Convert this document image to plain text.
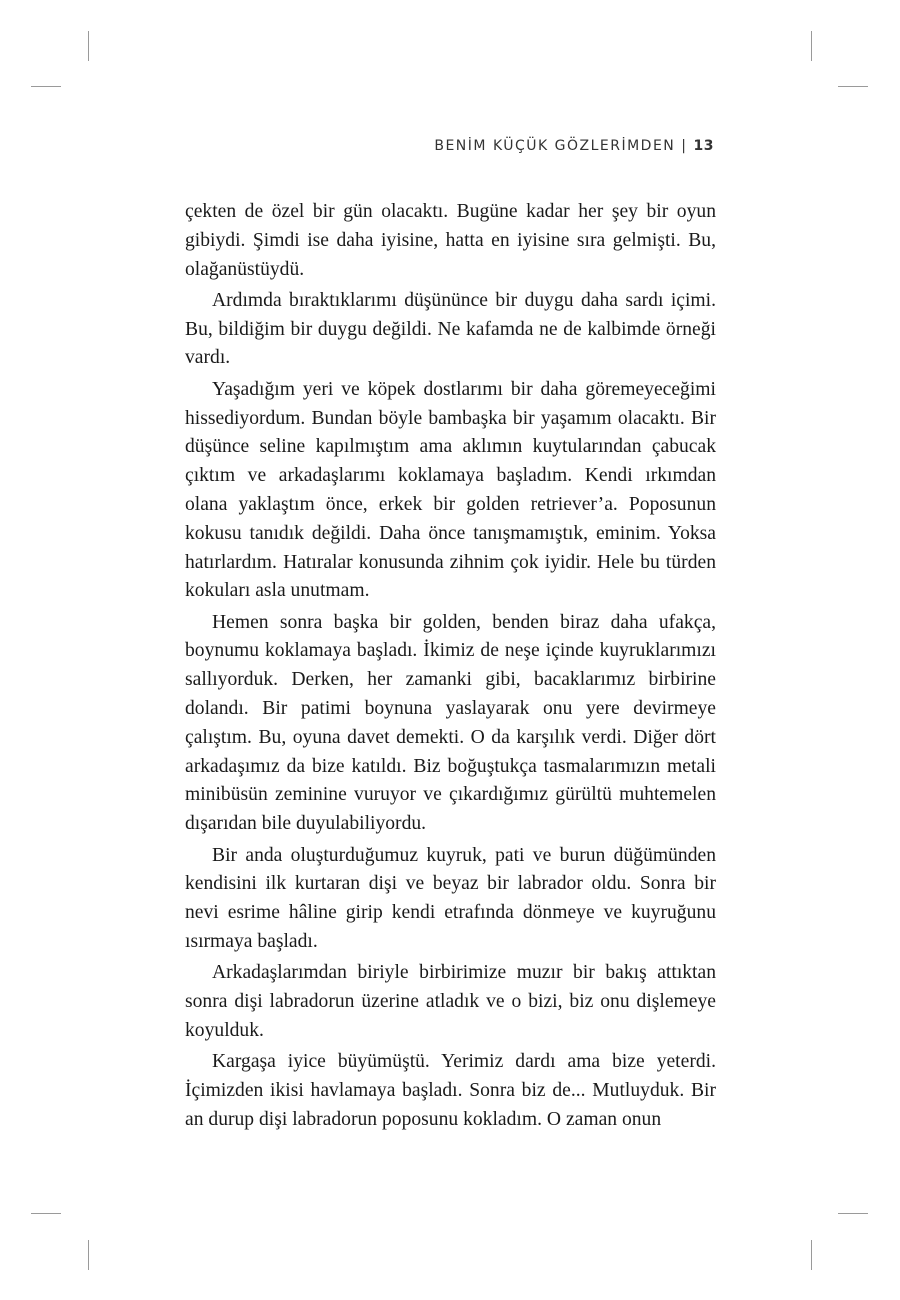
BENİM KÜÇÜK GÖZLERİMDEN | 13

çekten de özel bir gün olacaktı. Bugüne kadar her şey bir oyun gibiydi. Şimdi ise daha iyisine, hatta en iyisine sıra gelmişti. Bu, olağanüstüydü.

Ardımda bıraktıklarımı düşününce bir duygu daha sardı içimi. Bu, bildiğim bir duygu değildi. Ne kafamda ne de kalbimde örneği vardı.

Yaşadığım yeri ve köpek dostlarımı bir daha göremeyeceğimi hissediyordum. Bundan böyle bambaşka bir yaşamım olacaktı. Bir düşünce seline kapılmıştım ama aklımın kuytularından çabucak çıktım ve arkadaşlarımı koklamaya başladım. Kendi ırkımdan olana yaklaştım önce, erkek bir golden retriever’a. Poposunun kokusu tanıdık değildi. Daha önce tanışmamıştık, eminim. Yoksa hatırlardım. Hatıralar konusunda zihnim çok iyidir. Hele bu türden kokuları asla unutmam.

Hemen sonra başka bir golden, benden biraz daha ufakça, boynumu koklamaya başladı. İkimiz de neşe içinde kuyruklarımızı sallıyorduk. Derken, her zamanki gibi, bacaklarımız birbirine dolandı. Bir patimi boynuna yaslayarak onu yere devirmeye çalıştım. Bu, oyuna davet demekti. O da karşılık verdi. Diğer dört arkadaşımız da bize katıldı. Biz boğuştukça tasmalarımızın metali minibüsün zeminine vuruyor ve çıkardığımız gürültü muhtemelen dışarıdan bile duyulabiliyordu.

Bir anda oluşturduğumuz kuyruk, pati ve burun düğümünden kendisini ilk kurtaran dişi ve beyaz bir labrador oldu. Sonra bir nevi esrime hâline girip kendi etrafında dönmeye ve kuyruğunu ısırmaya başladı.

Arkadaşlarımdan biriyle birbirimize muzır bir bakış attıktan sonra dişi labradorun üzerine atladık ve o bizi, biz onu dişlemeye koyulduk.

Kargaşa iyice büyümüştü. Yerimiz dardı ama bize yeterdi. İçimizden ikisi havlamaya başladı. Sonra biz de... Mutluyduk. Bir an durup dişi labradorun poposunu kokladım. O zaman onun
